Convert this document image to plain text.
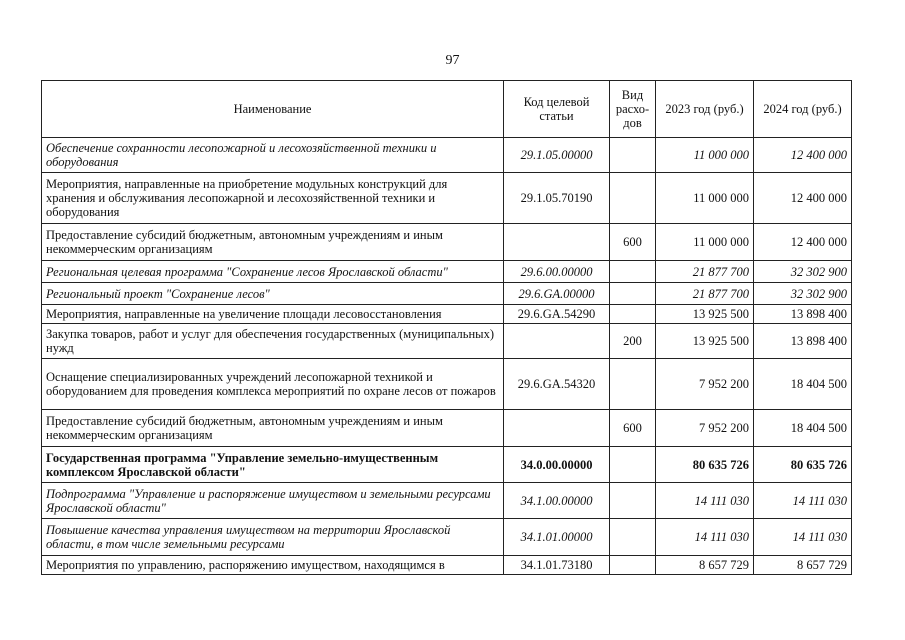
97
Наименование	Код целевой статьи	Вид расхо-дов	2023 год (руб.)	2024 год (руб.)
Обеспечение сохранности лесопожарной и лесохозяйственной техники и оборудования	29.1.05.00000		11 000 000	12 400 000
Мероприятия, направленные на приобретение модульных конструкций для хранения и обслуживания лесопожарной и лесохозяйственной техники и оборудования	29.1.05.70190		11 000 000	12 400 000
Предоставление субсидий бюджетным, автономным учреждениям и иным некоммерческим организациям		600	11 000 000	12 400 000
Региональная целевая программа "Сохранение лесов Ярославской области"	29.6.00.00000		21 877 700	32 302 900
Региональный проект "Сохранение лесов"	29.6.GA.00000		21 877 700	32 302 900
Мероприятия, направленные на увеличение площади лесовосстановления	29.6.GA.54290		13 925 500	13 898 400
Закупка товаров, работ и услуг для обеспечения государственных (муниципальных) нужд		200	13 925 500	13 898 400
Оснащение специализированных учреждений лесопожарной техникой и оборудованием для проведения комплекса мероприятий по охране лесов от пожаров	29.6.GA.54320		7 952 200	18 404 500
Предоставление субсидий бюджетным, автономным учреждениям и иным некоммерческим организациям		600	7 952 200	18 404 500
Государственная программа "Управление земельно-имущественным комплексом Ярославской области"	34.0.00.00000		80 635 726	80 635 726
Подпрограмма "Управление и распоряжение имуществом и земельными ресурсами Ярославской области"	34.1.00.00000		14 111 030	14 111 030
Повышение качества управления имуществом на территории Ярославской области, в том числе земельными ресурсами	34.1.01.00000		14 111 030	14 111 030
Мероприятия по управлению, распоряжению имуществом, находящимся в	34.1.01.73180		8 657 729	8 657 729
